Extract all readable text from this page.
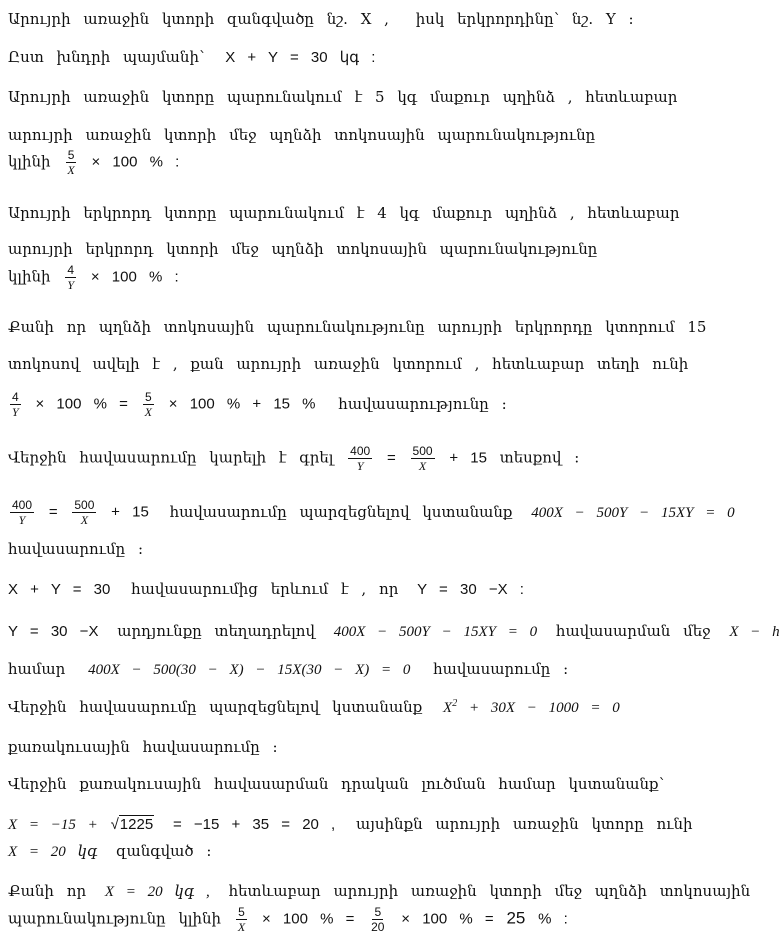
Արույրի առաջին կտորի զանգվածը նշ. X , իսկ երկրորդինը՝ նշ. Y :
Ըստ խնդրի պայմանի՝ X + Y = 30 կգ :
Արույրի առաջին կտորը պարունակում է 5 կգ մաքուր պղինձ , հետևաբար
արույրի առաջին կտորի մեջ պղնձի տոկոսային պարունակությունը
կլինի $\frac{5}{X} \times 100$ % :
Արույրի երկրորդ կտորը պարունակում է 4 կգ մաքուր պղինձ , հետևաբար
արույրի երկրորդ կտորի մեջ պղնձի տոկոսային պարունակությունը
կլինի $\frac{4}{Y} \times 100$ % :
Քանի որ պղնձի տոկոսային պարունակությունը արույրի երկրորդը կտորում 15
տոկոսով ավելի է , քան արույրի առաջին կտորում , հետևաբար տեղի ունի
$\frac{4}{Y} \times 100$ % = $\frac{5}{X} \times 100$ % + 15 % հավասարությունը :
Վերջին հավասարումը կարելի է գրել $\frac{400}{Y} = \frac{500}{X} + 15$ տեսքով :
$\frac{400}{Y} = \frac{500}{X} + 15$ հավասարումը պարզեցնելով կստանանք 400X − 500Y − 15XY = 0
հավասարումը :
X + Y = 30 հավասարումից երևում է , որ Y = 30 −X :
Y = 30 −X արդյունքը տեղադրելով 400X − 500Y − 15XY = 0 հավասարման մեջ X − h
համար 400X − 500(30 − X) − 15X(30 − X) = 0 հավասարումը :
Վերջին հավասարումը պարզեցնելով կստանանք $X^2 + 30X - 1000 = 0$
քառակուսային հավասարումը :
Վերջին քառակուսային հավասարման դրական լուծման համար կստանանք՝
X = −15 + √1225 = −15 + 35 = 20 , այսինքն արույրի առաջին կտորը ունի
X = 20 կգ զանգված :
Քանի որ X = 20 կգ , հետևաբար արույրի առաջին կտորի մեջ պղնձի տոկոսային
պարունակությունը կլինի $\frac{5}{X} \times 100$ % = $\frac{5}{20} \times 100$ % = 25 % :
